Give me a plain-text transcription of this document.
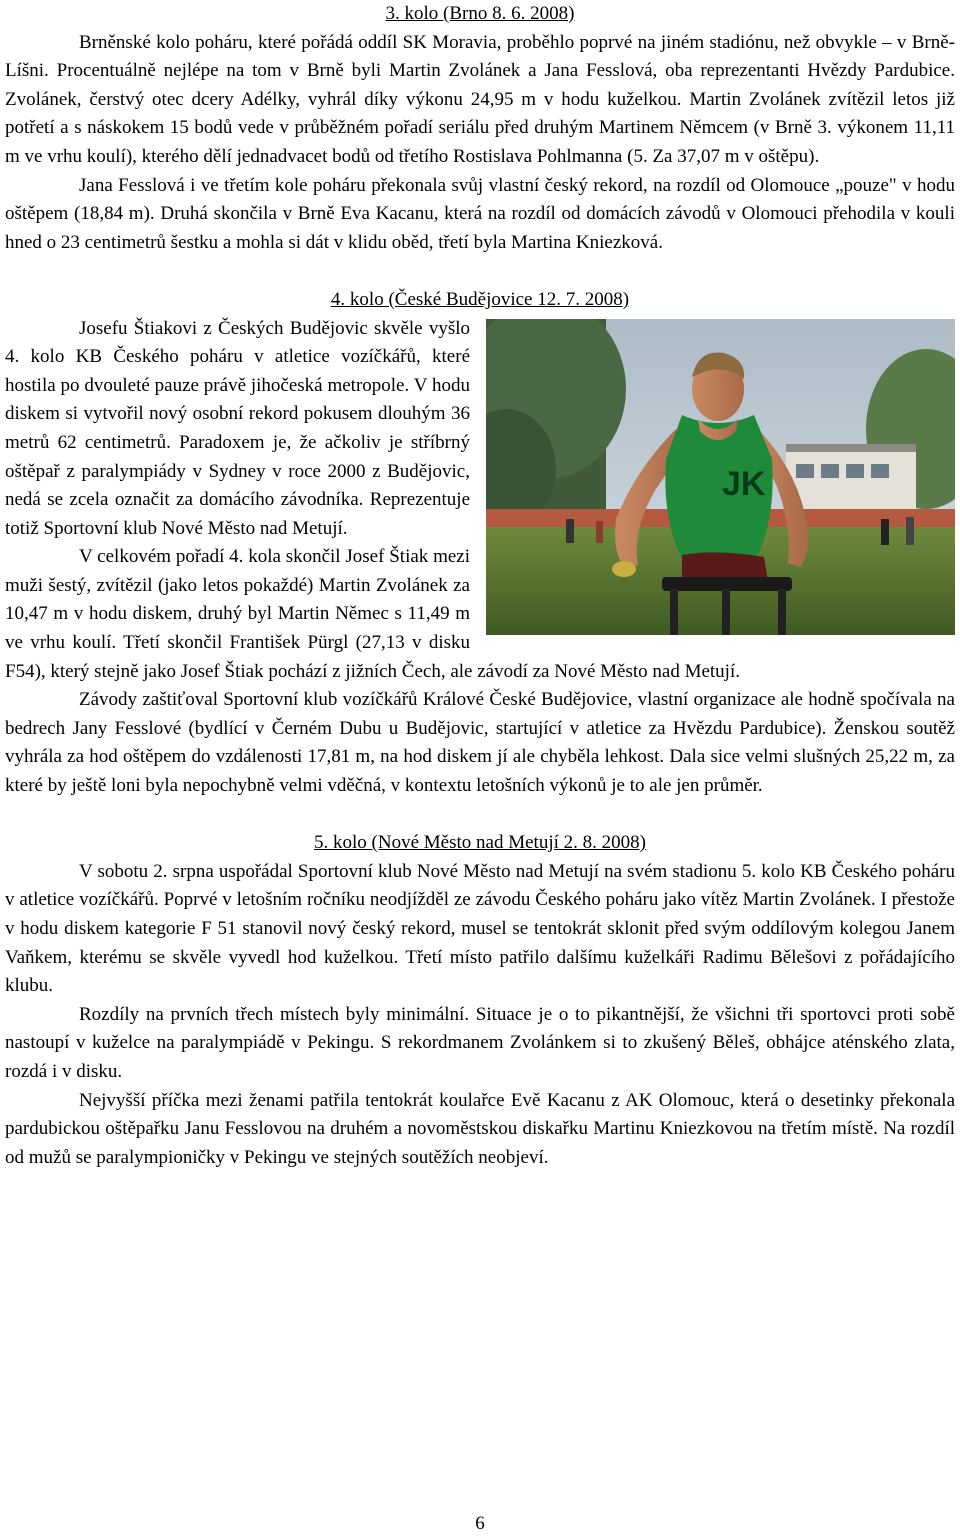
3. kolo (Brno 8. 6. 2008)

Brněnské kolo poháru, které pořádá oddíl SK Moravia, proběhlo poprvé na jiném stadiónu, než obvykle – v Brně-Líšni. Procentuálně nejlépe na tom v Brně byli Martin Zvolánek a Jana Fesslová, oba reprezentanti Hvězdy Pardubice. Zvolánek, čerstvý otec dcery Adélky, vyhrál díky výkonu 24,95 m v hodu kuželkou. Martin Zvolánek zvítězil letos již potřetí a s náskokem 15 bodů vede v průběžném pořadí seriálu před druhým Martinem Němcem (v Brně 3. výkonem 11,11 m ve vrhu koulí), kterého dělí jednadvacet bodů od třetího Rostislava Pohlmanna (5. Za 37,07 m v oštěpu).

Jana Fesslová i ve třetím kole poháru překonala svůj vlastní český rekord, na rozdíl od Olomouce „pouze" v hodu oštěpem (18,84 m). Druhá skončila v Brně Eva Kacanu, která na rozdíl od domácích závodů v Olomouci přehodila v kouli hned o 23 centimetrů šestku a mohla si dát v klidu oběd, třetí byla Martina Kniezková.

4. kolo (České Budějovice 12. 7. 2008)

JK
Josefu Štiakovi z Českých Budějovic skvěle vyšlo 4. kolo KB Českého poháru v atletice vozíčkářů, které hostila po dvouleté pauze právě jihočeská metropole. V hodu diskem si vytvořil nový osobní rekord pokusem dlouhým 36 metrů 62 centimetrů. Paradoxem je, že ačkoliv je stříbrný oštěpař z paralympiády v Sydney v roce 2000 z Budějovic, nedá se zcela označit za domácího závodníka. Reprezentuje totiž Sportovní klub Nové Město nad Metují.

V celkovém pořadí 4. kola skončil Josef Štiak mezi muži šestý, zvítězil (jako letos pokaždé) Martin Zvolánek za 10,47 m v hodu diskem, druhý byl Martin Němec s 11,49 m ve vrhu koulí. Třetí skončil František Pürgl (27,13 v disku F54), který stejně jako Josef Štiak pochází z jižních Čech, ale závodí za Nové Město nad Metují.

Závody zaštiťoval Sportovní klub vozíčkářů Králové České Budějovice, vlastní organizace ale hodně spočívala na bedrech Jany Fesslové (bydlící v Černém Dubu u Budějovic, startující v atletice za Hvězdu Pardubice). Ženskou soutěž vyhrála za hod oštěpem do vzdálenosti 17,81 m, na hod diskem jí ale chyběla lehkost. Dala sice velmi slušných 25,22 m, za které by ještě loni byla nepochybně velmi vděčná, v kontextu letošních výkonů je to ale jen průměr.

5. kolo (Nové Město nad Metují 2. 8. 2008)

V sobotu 2. srpna uspořádal Sportovní klub Nové Město nad Metují na svém stadionu 5. kolo KB Českého poháru v atletice vozíčkářů. Poprvé v letošním ročníku neodjížděl ze závodu Českého poháru jako vítěz Martin Zvolánek. I přestože v hodu diskem kategorie F 51 stanovil nový český rekord, musel se tentokrát sklonit před svým oddílovým kolegou Janem Vaňkem, kterému se skvěle vyvedl hod kuželkou. Třetí místo patřilo dalšímu kuželkáři Radimu Bělešovi z pořádajícího klubu.

Rozdíly na prvních třech místech byly minimální. Situace je o to pikantnější, že všichni tři sportovci proti sobě nastoupí v kuželce na paralympiádě v Pekingu. S rekordmanem Zvolánkem si to zkušený Běleš, obhájce aténského zlata, rozdá i v disku.

Nejvyšší příčka mezi ženami patřila tentokrát koulařce Evě Kacanu z AK Olomouc, která o desetinky překonala pardubickou oštěpařku Janu Fesslovou na druhém a novoměstskou diskařku Martinu Kniezkovou na třetím místě. Na rozdíl od mužů se paralympioničky v Pekingu ve stejných soutěžích neobjeví.

6
